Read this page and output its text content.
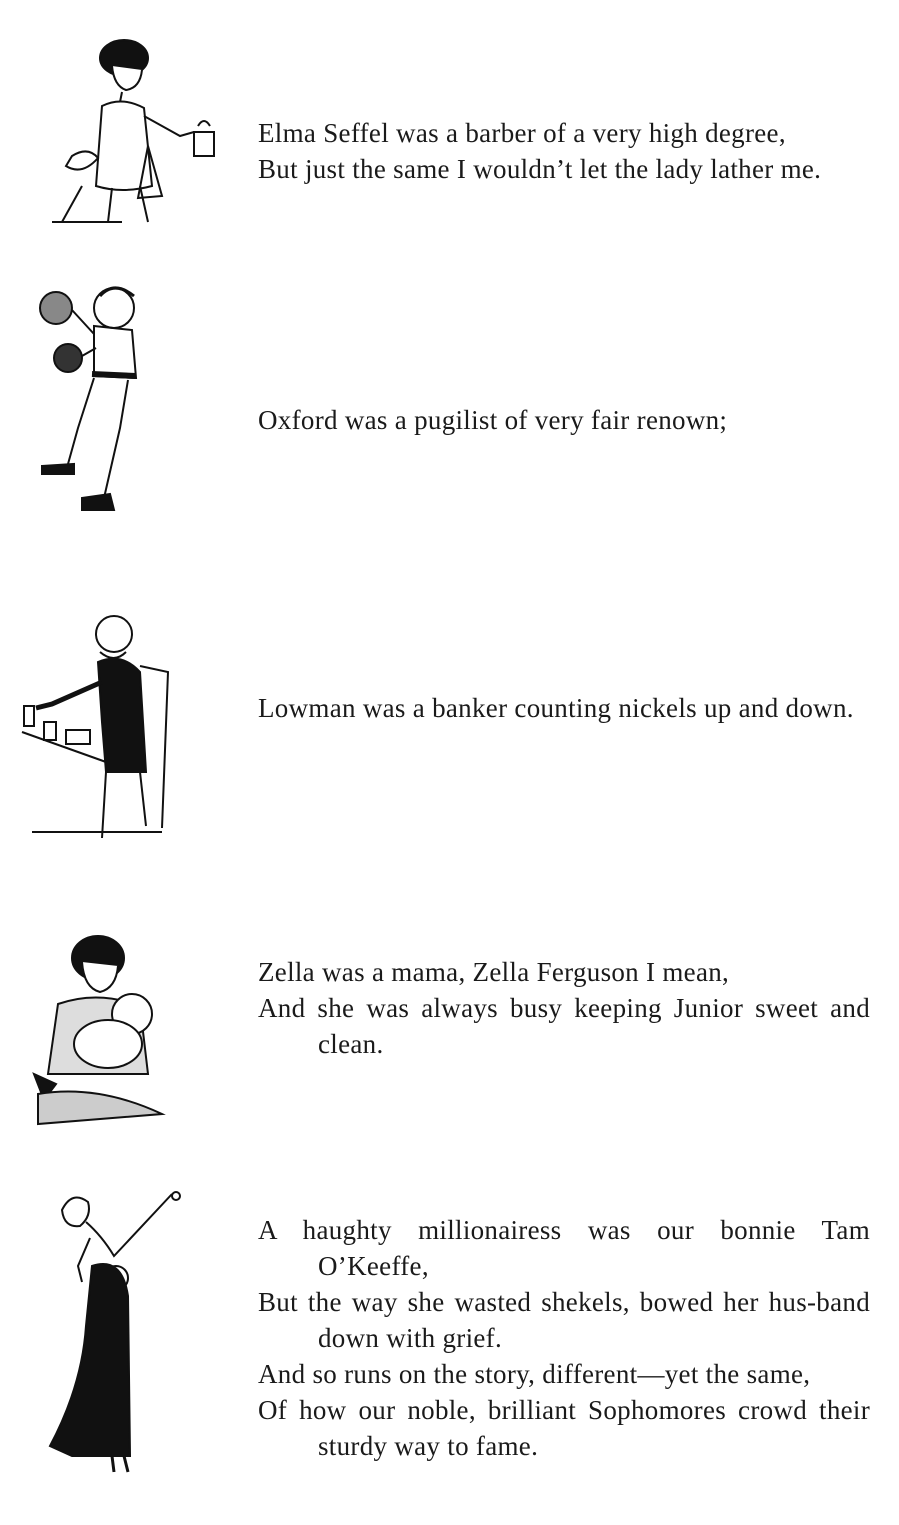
Elma Seffel was a barber of a very high degree,

But just the same I wouldn’t let the lady lather me.

Oxford was a pugilist of very fair renown;

Lowman was a banker counting nickels up and down.

Zella was a mama, Zella Ferguson I mean,

And she was always busy keeping Junior sweet and clean.

A haughty millionairess was our bonnie Tam O’Keeffe,

But the way she wasted shekels, bowed her hus-band down with grief.

And so runs on the story, different—yet the same,

Of how our noble, brilliant Sophomores crowd their sturdy way to fame.
